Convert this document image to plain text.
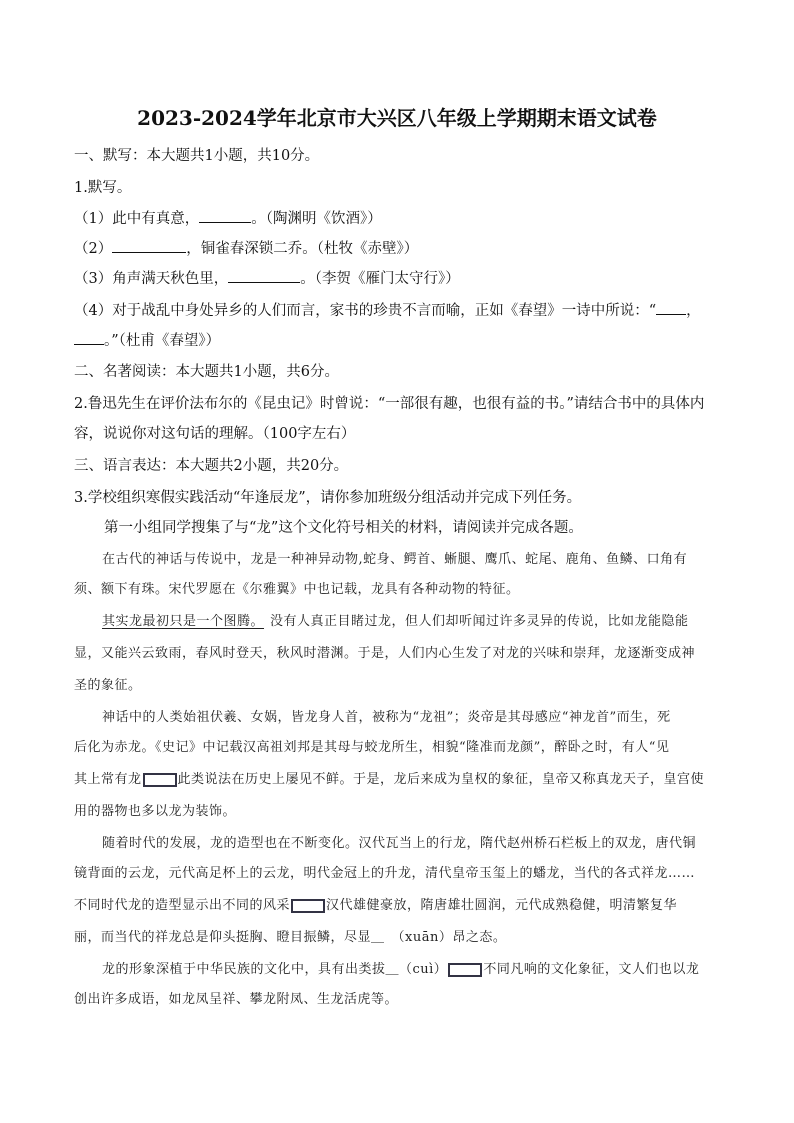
2023-2024学年北京市大兴区八年级上学期期末语文试卷
一、默写：本大题共1小题，共10分。
1.默写。
（1）此中有真意，	。（陶渊明《饮酒》）
（2）	，铜雀春深锁二乔。（杜牧《赤壁》）
（3）角声满天秋色里，	。（李贺《雁门太守行》）
（4）对于战乱中身处异乡的人们而言，家书的珍贵不言而喻，正如《春望》一诗中所说：“ ，
。”（杜甫《春望》）
二、名著阅读：本大题共1小题，共6分。
2.鲁迅先生在评价法布尔的《昆虫记》时曾说：“一部很有趣，也很有益的书。”请结合书中的具体内
容，说说你对这句话的理解。（100字左右）
三、语言表达：本大题共2小题，共20分。
3.学校组织寒假实践活动“年逢辰龙”，请你参加班级分组活动并完成下列任务。
第一小组同学搜集了与“龙”这个文化符号相关的材料，请阅读并完成各题。
在古代的神话与传说中，龙是一种神异动物,蛇身、鳄首、蜥腿、鹰爪、蛇尾、鹿角、鱼鳞、口角有
须、额下有珠。宋代罗愿在《尔雅翼》中也记载，龙具有各种动物的特征。
其实龙最初只是一个图腾。 没有人真正目睹过龙，但人们却听闻过许多灵异的传说，比如龙能隐能
显，又能兴云致雨，春风时登天，秋风时潜渊。于是，人们内心生发了对龙的兴味和崇拜，龙逐渐变成神
圣的象征。
神话中的人类始祖伏羲、女娲，皆龙身人首，被称为“龙祖”；炎帝是其母感应“神龙首”而生，死
后化为赤龙。《史记》中记载汉高祖刘邦是其母与蛟龙所生，相貌“隆准而龙颜”，醉卧之时，有人“见
其上常有龙	此类说法在历史上屡见不鲜。于是，龙后来成为皇权的象征，皇帝又称真龙天子，皇宫使
用的器物也多以龙为装饰。
随着时代的发展，龙的造型也在不断变化。汉代瓦当上的行龙，隋代赵州桥石栏板上的双龙，唐代铜
镜背面的云龙，元代高足杯上的云龙，明代金冠上的升龙，清代皇帝玉玺上的蟠龙，当代的各式祥龙……
不同时代龙的造型显示出不同的风采	汉代雄健豪放，隋唐雄壮圆润，元代成熟稳健，明清繁复华
丽，而当代的祥龙总是仰头挺胸、瞪目振鳞，尽显＿　（xuān）昂之态。
龙的形象深植于中华民族的文化中，具有出类拔＿（cuì）	不同凡响的文化象征，文人们也以龙
创出许多成语，如龙凤呈祥、攀龙附凤、生龙活虎等。
